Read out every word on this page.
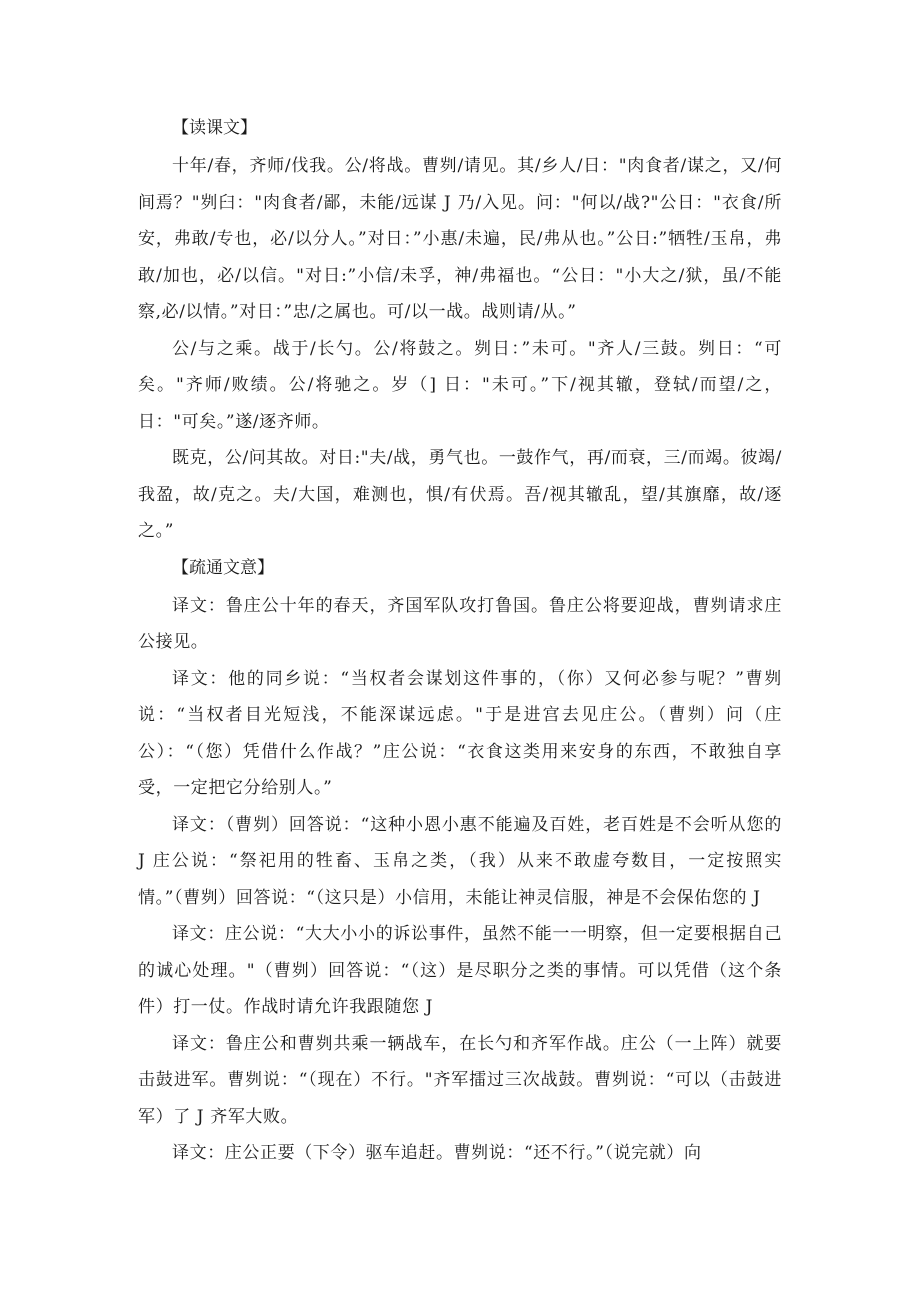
【读课文】

十年/春，齐师/伐我。公/将战。曹刿/请见。其/乡人/日："肉食者/谋之，又/何间焉？"刿臼："肉食者/鄙，未能/远谋 J 乃/入见。问："何以/战?"公日："衣食/所安，弗敢/专也，必/以分人。”对日：”小惠/未遍，民/弗从也。”公日:”牺牲/玉帛，弗敢/加也，必/以信。"对日:”小信/未孚，神/弗福也。“公日："小大之/狱，虽/不能察,必/以情。”对日：”忠/之属也。可/以一战。战则请/从。”

公/与之乘。战于/长勺。公/将鼓之。刿日：”未可。"齐人/三鼓。刿日：“可矣。"齐师/败绩。公/将驰之。岁（] 日："未可。”下/视其辙，登轼/而望/之，日："可矣。”遂/逐齐师。

既克，公/问其故。对日:"夫/战，勇气也。一鼓作气，再/而衰，三/而竭。彼竭/我盈，故/克之。夫/大国，难测也，惧/有伏焉。吾/视其辙乱，望/其旗靡，故/逐之。”

【疏通文意】

译文：鲁庄公十年的春天，齐国军队攻打鲁国。鲁庄公将要迎战，曹刿请求庄公接见。

译文：他的同乡说：“当权者会谋划这件事的，（你）又何必参与呢？”曹刿说：“当权者目光短浅，不能深谋远虑。"于是进宫去见庄公。（曹刿）问（庄公）：“（您）凭借什么作战？”庄公说：“衣食这类用来安身的东西，不敢独自享受，一定把它分给别人。”

译文：（曹刿）回答说：“这种小恩小惠不能遍及百姓，老百姓是不会听从您的 J 庄公说：“祭祀用的牲畜、玉帛之类，（我）从来不敢虚夸数目，一定按照实情。”（曹刿）回答说：“（这只是）小信用，未能让神灵信服，神是不会保佑您的 J

译文：庄公说：“大大小小的诉讼事件，虽然不能一一明察，但一定要根据自己的诚心处理。"（曹刿）回答说：“（这）是尽职分之类的事情。可以凭借（这个条件）打一仗。作战时请允许我跟随您 J

译文：鲁庄公和曹刿共乘一辆战车，在长勺和齐军作战。庄公（一上阵）就要击鼓进军。曹刿说：“（现在）不行。"齐军擂过三次战鼓。曹刿说：“可以（击鼓进军）了 J 齐军大败。

译文：庄公正要（下令）驱车追赶。曹刿说：“还不行。”（说完就）向
